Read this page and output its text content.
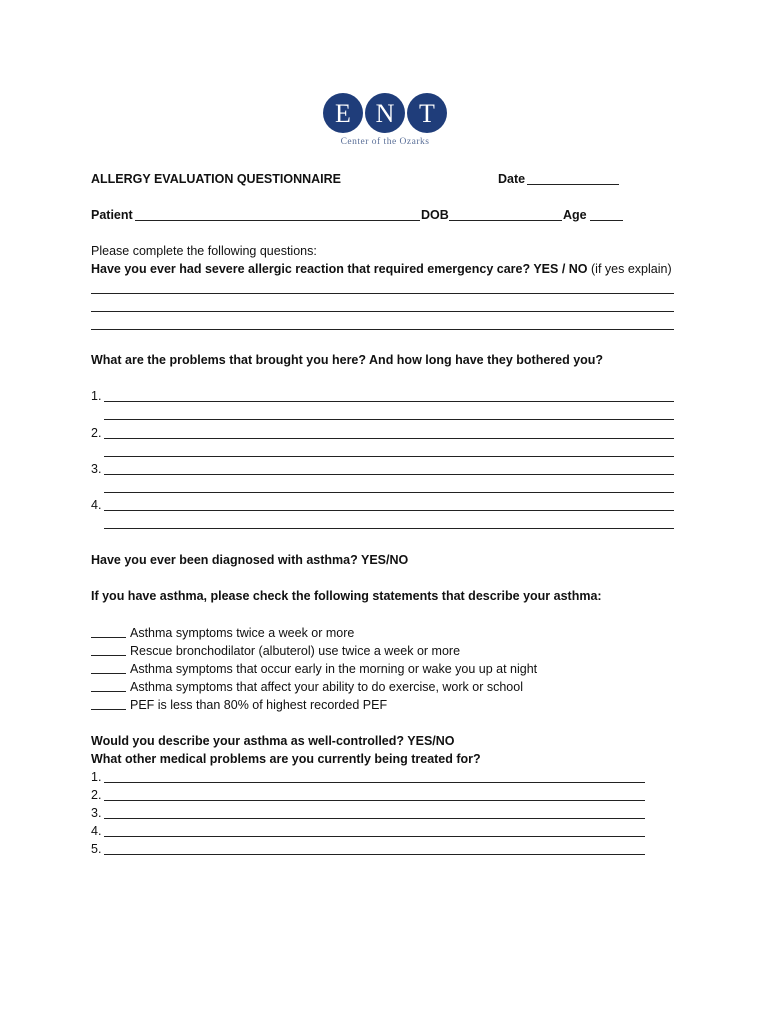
E N T
Center of the Ozarks
ALLERGY EVALUATION QUESTIONNAIRE	Date
Patient	DOB	Age
Please complete the following questions:
Have you ever had severe allergic reaction that required emergency care? YES / NO (if yes explain)
What are the problems that brought you here? And how long have they bothered you?
1.
2.
3.
4.
Have you ever been diagnosed with asthma? YES/NO
If you have asthma, please check the following statements that describe your asthma:
Asthma symptoms twice a week or more
Rescue bronchodilator (albuterol) use twice a week or more
Asthma symptoms that occur early in the morning or wake you up at night
Asthma symptoms that affect your ability to do exercise, work or school
PEF is less than 80% of highest recorded PEF
Would you describe your asthma as well-controlled? YES/NO
What other medical problems are you currently being treated for?
1.
2.
3.
4.
5.
